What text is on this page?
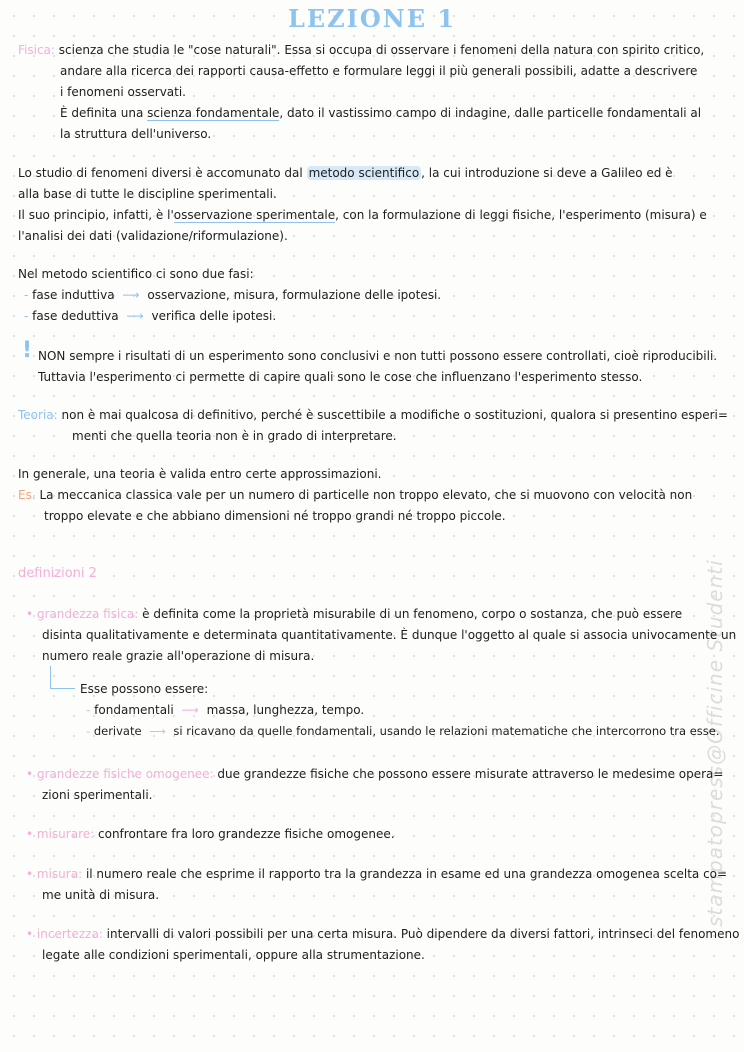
LEZIONE 1
stampatopress@Officine Studenti
Fisica: scienza che studia le "cose naturali". Essa si occupa di osservare i fenomeni della natura con spirito critico,
andare alla ricerca dei rapporti causa-effetto e formulare leggi il più generali possibili, adatte a descrivere
i fenomeni osservati.
È definita una scienza fondamentale, dato il vastissimo campo di indagine, dalle particelle fondamentali al
la struttura dell'universo.
Lo studio di fenomeni diversi è accomunato dal metodo scientifico , la cui introduzione si deve a Galileo ed è
alla base di tutte le discipline sperimentali.
Il suo principio, infatti, è l'osservazione sperimentale, con la formulazione di leggi fisiche, l'esperimento (misura) e
l'analisi dei dati (validazione/riformulazione).
Nel metodo scientifico ci sono due fasi:
- fase induttiva ⟶ osservazione, misura, formulazione delle ipotesi.
- fase deduttiva ⟶ verifica delle ipotesi.
! NON sempre i risultati di un esperimento sono conclusivi e non tutti possono essere controllati, cioè riproducibili.
Tuttavia l'esperimento ci permette di capire quali sono le cose che influenzano l'esperimento stesso.
Teoria: non è mai qualcosa di definitivo, perché è suscettibile a modifiche o sostituzioni, qualora si presentino esperi=
menti che quella teoria non è in grado di interpretare.
In generale, una teoria è valida entro certe approssimazioni.
Es. La meccanica classica vale per un numero di particelle non troppo elevato, che si muovono con velocità non
troppo elevate e che abbiano dimensioni né troppo grandi né troppo piccole.
definizioni 2
• grandezza fisica: è definita come la proprietà misurabile di un fenomeno, corpo o sostanza, che può essere
disinta qualitativamente e determinata quantitativamente. È dunque l'oggetto al quale si associa univocamente un
numero reale grazie all'operazione di misura.
Esse possono essere:
- fondamentali ⟶ massa, lunghezza, tempo.
- derivate ⟶ si ricavano da quelle fondamentali, usando le relazioni matematiche che intercorrono tra esse.
• grandezze fisiche omogenee: due grandezze fisiche che possono essere misurate attraverso le medesime opera=
zioni sperimentali.
• misurare: confrontare fra loro grandezze fisiche omogenee.
• misura: il numero reale che esprime il rapporto tra la grandezza in esame ed una grandezza omogenea scelta co=
me unità di misura.
• incertezza: intervalli di valori possibili per una certa misura. Può dipendere da diversi fattori, intrinseci del fenomeno
legate alle condizioni sperimentali, oppure alla strumentazione.
